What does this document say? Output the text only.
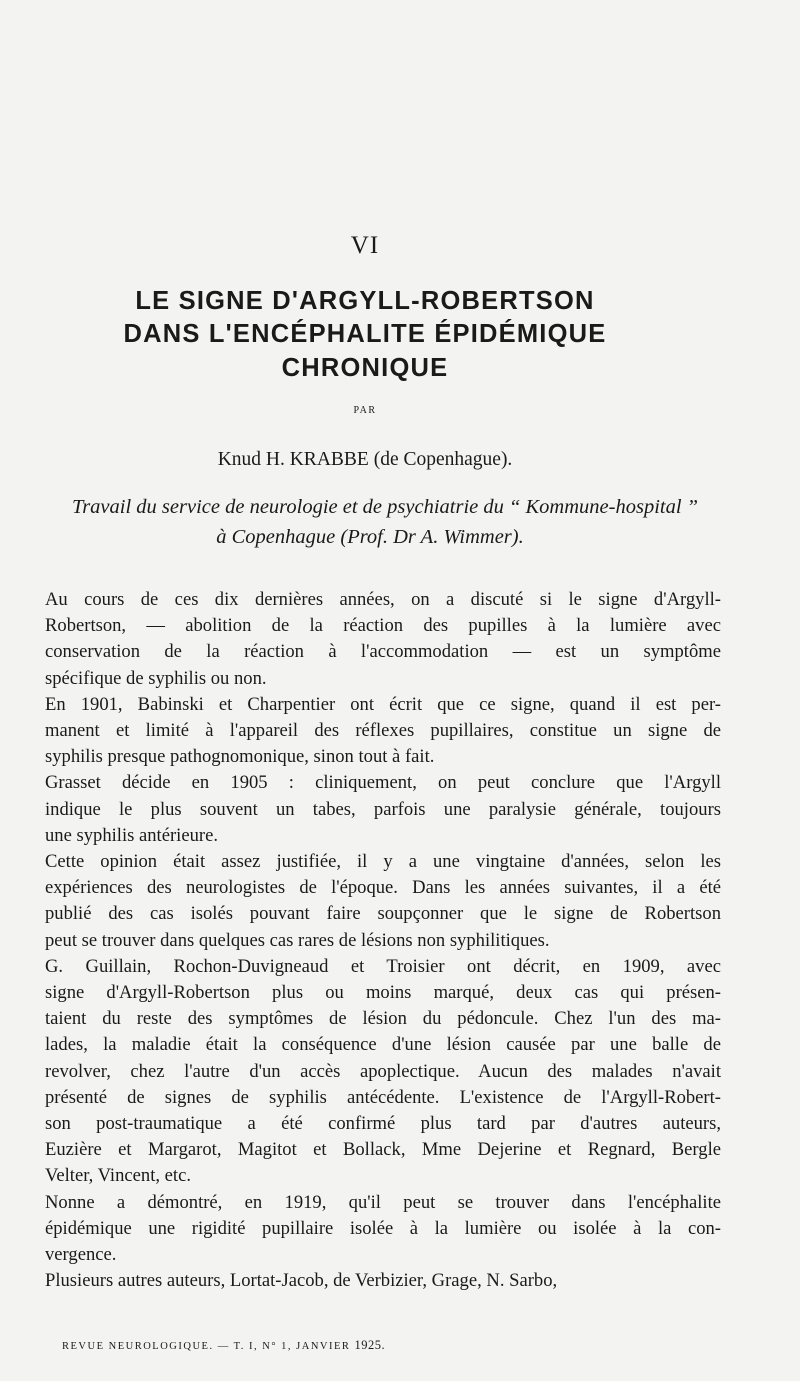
VI
LE SIGNE D'ARGYLL-ROBERTSON
DANS L'ENCÉPHALITE ÉPIDÉMIQUE
CHRONIQUE
PAR
Knud H. KRABBE (de Copenhague).
Travail du service de neurologie et de psychiatrie du “ Kommune-hospital ”
à Copenhague (Prof. Dr A. Wimmer).

Au cours de ces dix dernières années, on a discuté si le signe d'Argyll-
Robertson, — abolition de la réaction des pupilles à la lumière avec
conservation de la réaction à l'accommodation — est un symptôme
spécifique de syphilis ou non.

En 1901, Babinski et Charpentier ont écrit que ce signe, quand il est per-
manent et limité à l'appareil des réflexes pupillaires, constitue un signe de
syphilis presque pathognomonique, sinon tout à fait.

Grasset décide en 1905 : cliniquement, on peut conclure que l'Argyll
indique le plus souvent un tabes, parfois une paralysie générale, toujours
une syphilis antérieure.

Cette opinion était assez justifiée, il y a une vingtaine d'années, selon les
expériences des neurologistes de l'époque. Dans les années suivantes, il a été
publié des cas isolés pouvant faire soupçonner que le signe de Robertson
peut se trouver dans quelques cas rares de lésions non syphilitiques.

G. Guillain, Rochon-Duvigneaud et Troisier ont décrit, en 1909, avec
signe d'Argyll-Robertson plus ou moins marqué, deux cas qui présen-
taient du reste des symptômes de lésion du pédoncule. Chez l'un des ma-
lades, la maladie était la conséquence d'une lésion causée par une balle de
revolver, chez l'autre d'un accès apoplectique. Aucun des malades n'avait
présenté de signes de syphilis antécédente. L'existence de l'Argyll-Robert-
son post-traumatique a été confirmé plus tard par d'autres auteurs,
Euzière et Margarot, Magitot et Bollack, Mme Dejerine et Regnard, Bergle
Velter, Vincent, etc.

Nonne a démontré, en 1919, qu'il peut se trouver dans l'encéphalite
épidémique une rigidité pupillaire isolée à la lumière ou isolée à la con-
vergence.

Plusieurs autres auteurs, Lortat-Jacob, de Verbizier, Grage, N. Sarbo,

REVUE NEUROLOGIQUE. — T. I, N° 1, JANVIER 1925.
